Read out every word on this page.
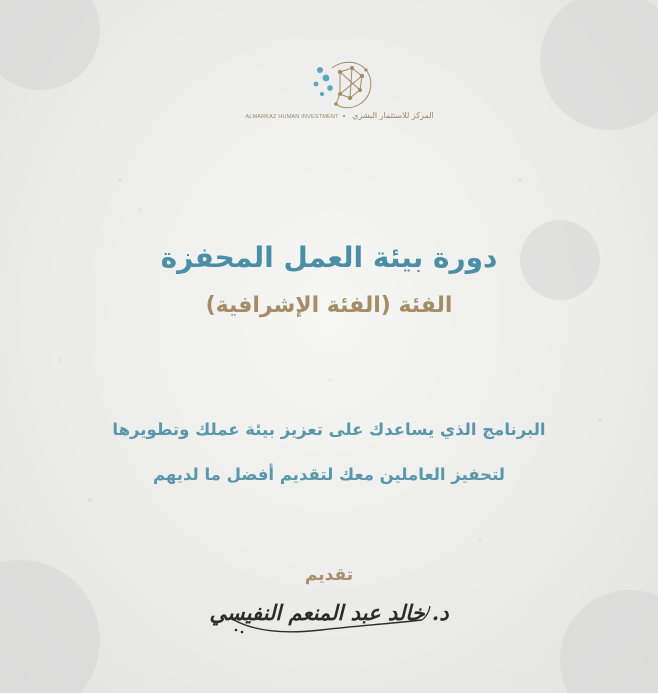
ALMARKAZ HUMAN INVESTMENT	المركز للاستثمار البشري
دورة بيئة العمل المحفزة
الفئة (الفئة الإشرافية)
البرنامج الذي يساعدك على تعزيز بيئة عملك وتطويرها
لتحفيز العاملين معك لتقديم أفضل ما لديهم
تقديم
د. خالد عبد المنعم النفيسي
